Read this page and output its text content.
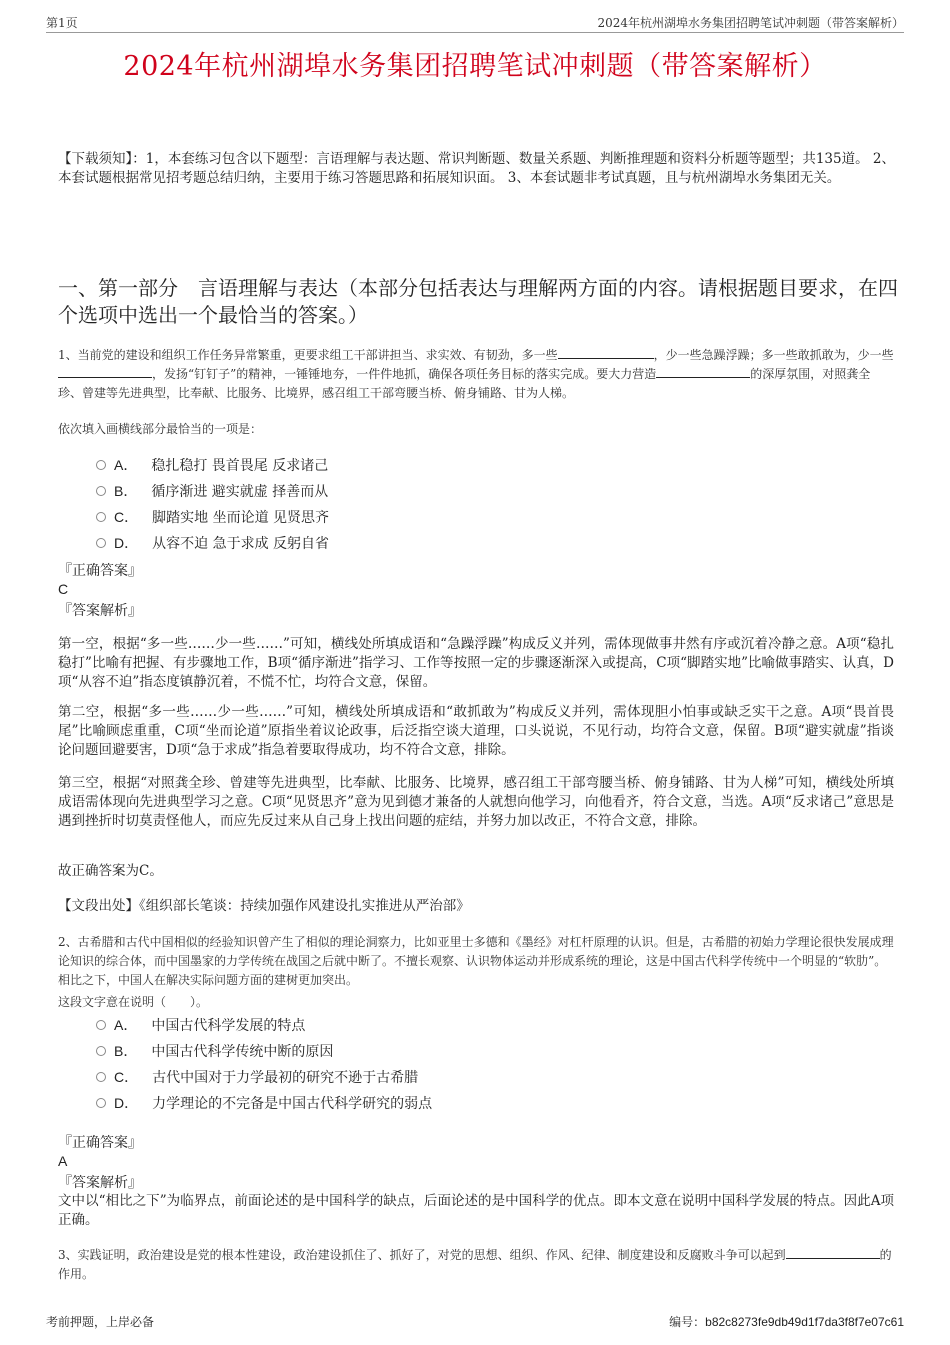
第1页	2024年杭州湖埠水务集团招聘笔试冲刺题（带答案解析）
2024年杭州湖埠水务集团招聘笔试冲刺题（带答案解析）
【下载须知】：1，本套练习包含以下题型：言语理解与表达题、常识判断题、数量关系题、判断推理题和资料分析题等题型；共135道。 2、本套试题根据常见招考题总结归纳，主要用于练习答题思路和拓展知识面。 3、本套试题非考试真题，且与杭州湖埠水务集团无关。
一、第一部分　言语理解与表达（本部分包括表达与理解两方面的内容。请根据题目要求，在四个选项中选出一个最恰当的答案。）
1、当前党的建设和组织工作任务异常繁重，更要求组工干部讲担当、求实效、有韧劲，多一些	，少一些急躁浮躁；多一些敢抓敢为，少一些，发扬“钉钉子”的精神，一锤锤地夯，一件件地抓，确保各项任务目标的落实完成。要大力营造	的深厚氛围，对照龚全珍、曾建等先进典型，比奉献、比服务、比境界，感召组工干部弯腰当桥、俯身铺路、甘为人梯。
依次填入画横线部分最恰当的一项是：
A． 稳扎稳打 畏首畏尾 反求诸己
B． 循序渐进 避实就虚 择善而从
C． 脚踏实地 坐而论道 见贤思齐
D． 从容不迫 急于求成 反躬自省
『正确答案』
C
『答案解析』
第一空，根据“多一些……少一些……”可知，横线处所填成语和“急躁浮躁”构成反义并列，需体现做事井然有序或沉着冷静之意。A项“稳扎稳打”比喻有把握、有步骤地工作，B项“循序渐进”指学习、工作等按照一定的步骤逐渐深入或提高，C项“脚踏实地”比喻做事踏实、认真，D项“从容不迫”指态度镇静沉着，不慌不忙，均符合文意，保留。
第二空，根据“多一些……少一些……”可知，横线处所填成语和“敢抓敢为”构成反义并列，需体现胆小怕事或缺乏实干之意。A项“畏首畏尾”比喻顾虑重重，C项“坐而论道”原指坐着议论政事，后泛指空谈大道理，口头说说，不见行动，均符合文意，保留。B项“避实就虚”指谈论问题回避要害，D项“急于求成”指急着要取得成功，均不符合文意，排除。
第三空，根据“对照龚全珍、曾建等先进典型，比奉献、比服务、比境界，感召组工干部弯腰当桥、俯身铺路、甘为人梯”可知，横线处所填成语需体现向先进典型学习之意。C项“见贤思齐”意为见到德才兼备的人就想向他学习，向他看齐，符合文意，当选。A项“反求诸己”意思是遇到挫折时切莫责怪他人，而应先反过来从自己身上找出问题的症结，并努力加以改正，不符合文意，排除。
故正确答案为C。
【文段出处】《组织部长笔谈：持续加强作风建设扎实推进从严治部》
2、古希腊和古代中国相似的经验知识曾产生了相似的理论洞察力，比如亚里士多德和《墨经》对杠杆原理的认识。但是，古希腊的初始力学理论很快发展成理论知识的综合体，而中国墨家的力学传统在战国之后就中断了。不擅长观察、认识物体运动并形成系统的理论，这是中国古代科学传统中一个明显的“软肋”。相比之下，中国人在解决实际问题方面的建树更加突出。
这段文字意在说明（　　）。
A． 中国古代科学发展的特点
B． 中国古代科学传统中断的原因
C． 古代中国对于力学最初的研究不逊于古希腊
D． 力学理论的不完备是中国古代科学研究的弱点
『正确答案』
A
『答案解析』
文中以“相比之下”为临界点，前面论述的是中国科学的缺点，后面论述的是中国科学的优点。即本文意在说明中国科学发展的特点。因此A项正确。
3、实践证明，政治建设是党的根本性建设，政治建设抓住了、抓好了，对党的思想、组织、作风、纪律、制度建设和反腐败斗争可以起到	的作用。
考前押题，上岸必备	编号：b82c8273fe9db49d1f7da3f8f7e07c61
